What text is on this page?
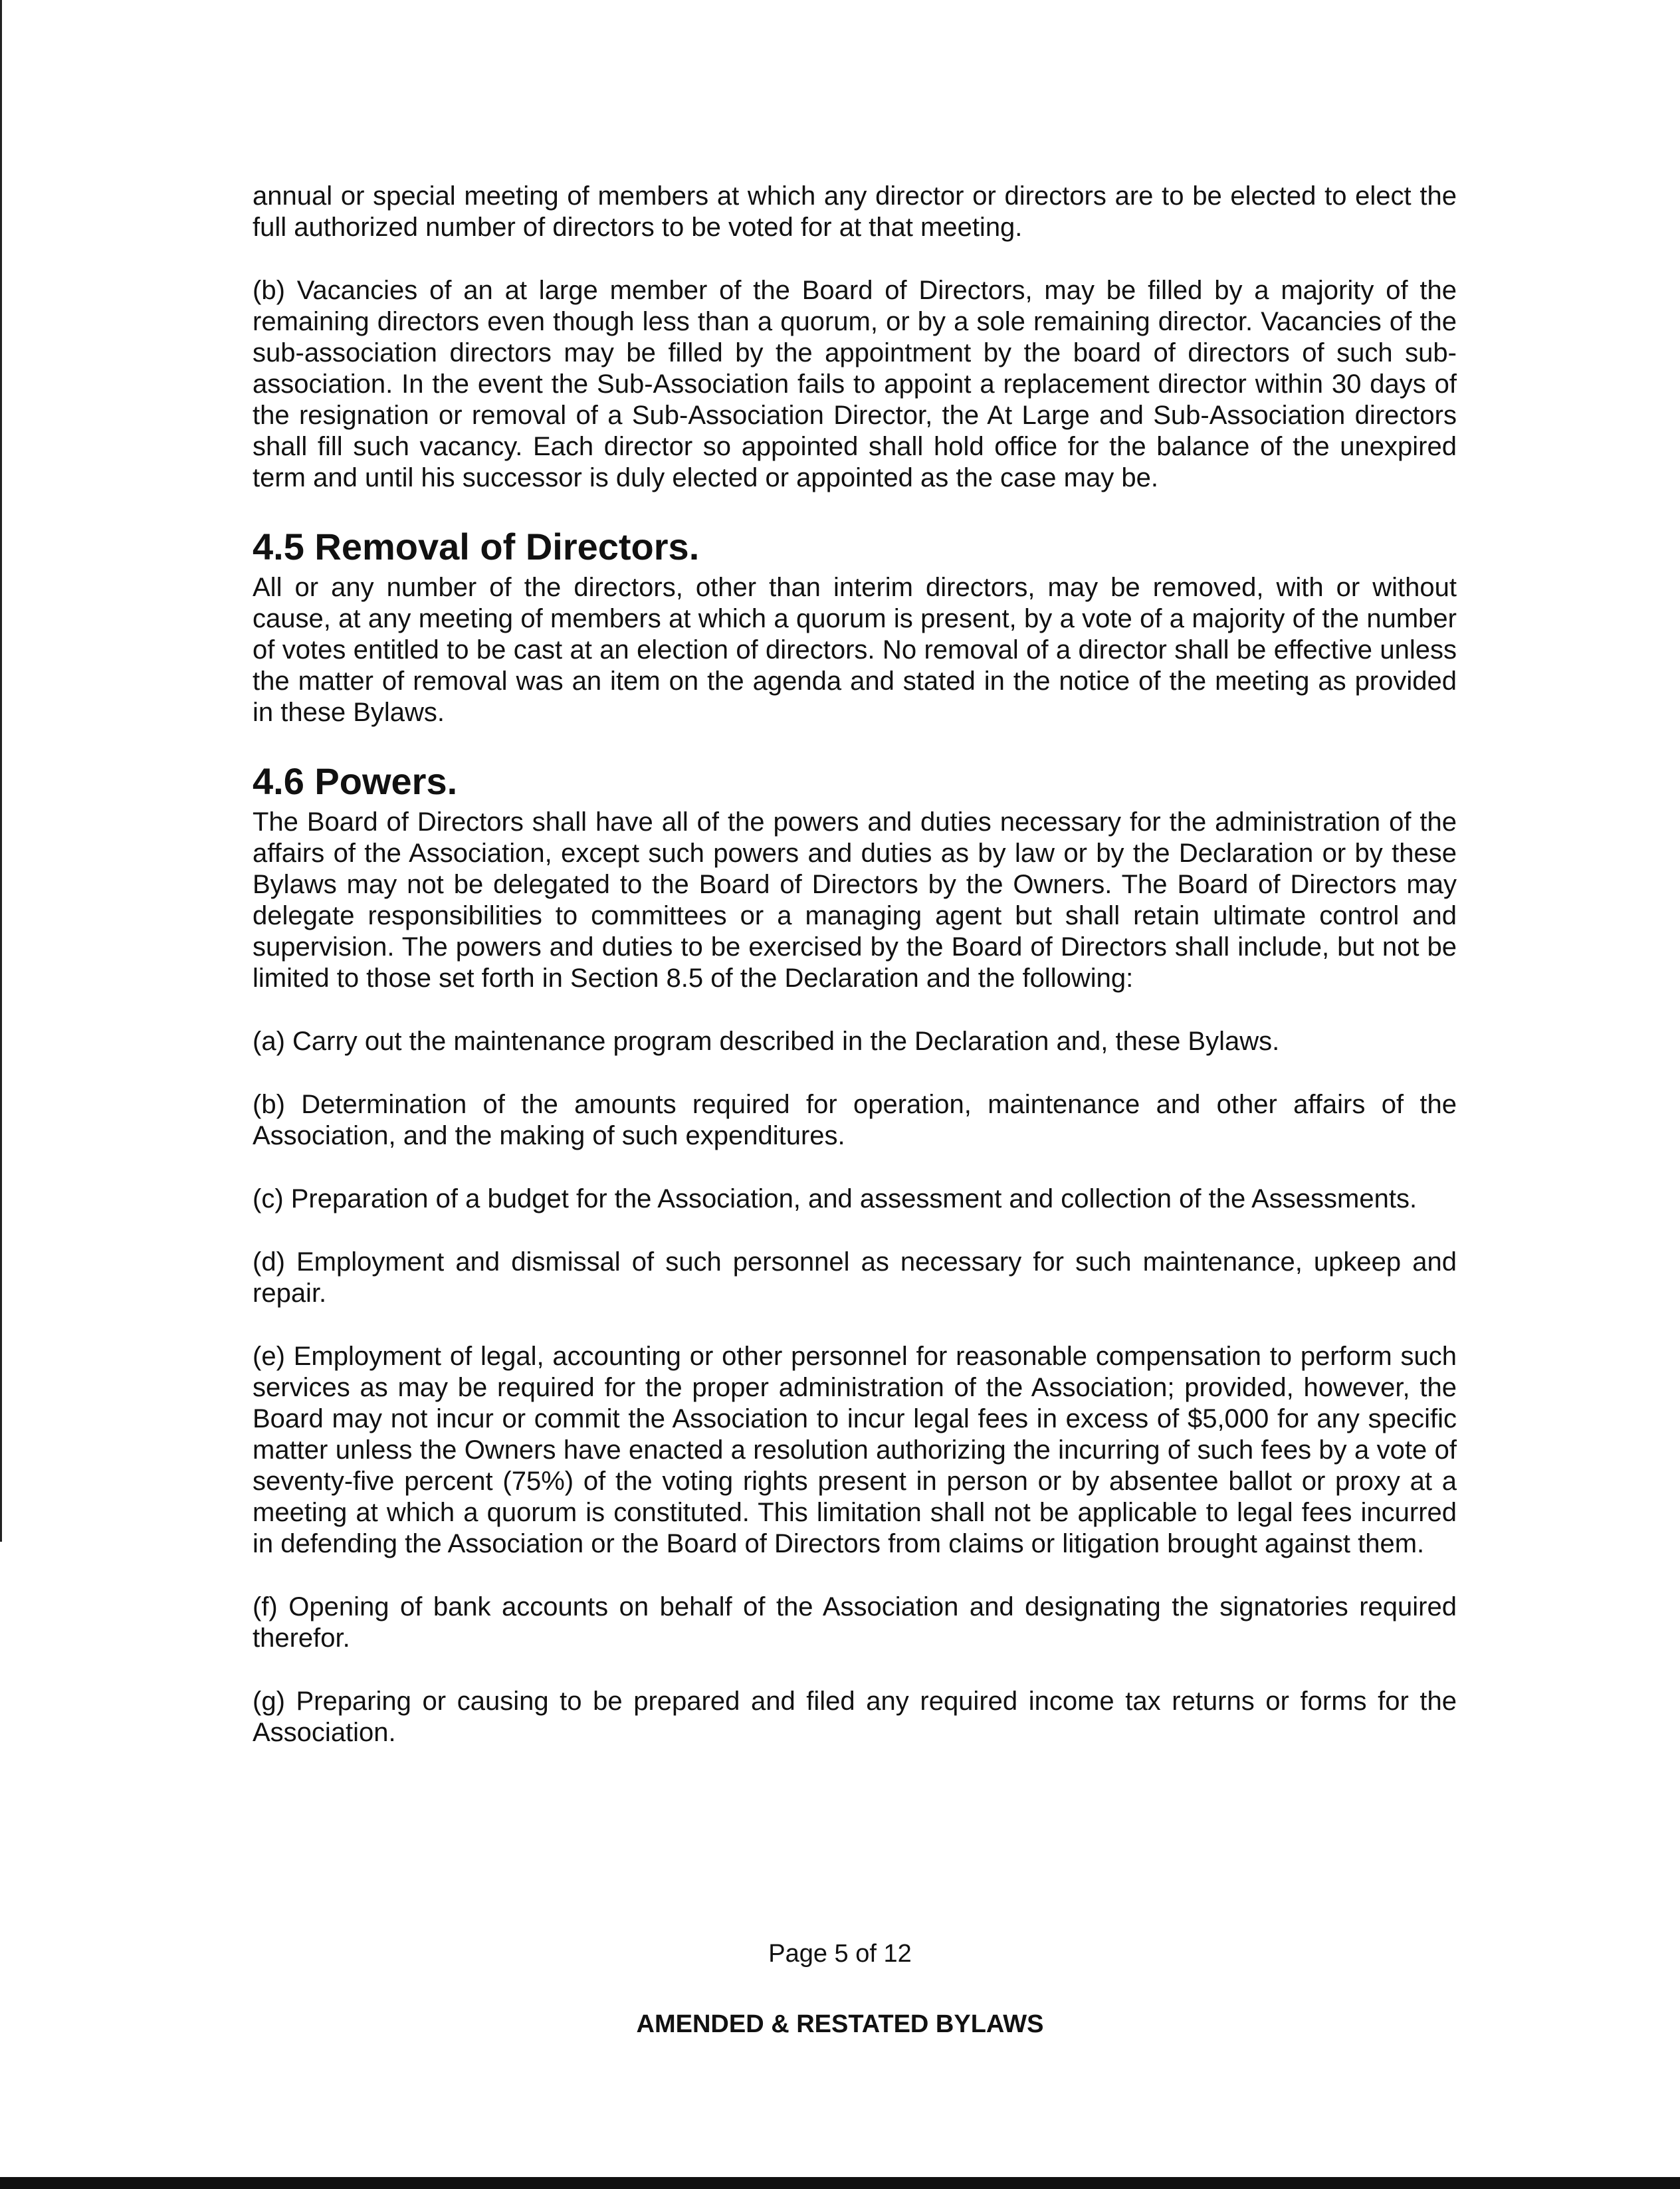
annual or special meeting of members at which any director or directors are to be elected to elect the full authorized number of directors to be voted for at that meeting.

(b) Vacancies of an at large member of the Board of Directors, may be filled by a majority of the remaining directors even though less than a quorum, or by a sole remaining director. Vacancies of the sub-association directors may be filled by the appointment by the board of directors of such sub-association. In the event the Sub-Association fails to appoint a replacement director within 30 days of the resignation or removal of a Sub-Association Director, the At Large and Sub-Association directors shall fill such vacancy. Each director so appointed shall hold office for the balance of the unexpired term and until his successor is duly elected or appointed as the case may be.

4.5 Removal of Directors.

All or any number of the directors, other than interim directors, may be removed, with or without cause, at any meeting of members at which a quorum is present, by a vote of a majority of the number of votes entitled to be cast at an election of directors. No removal of a director shall be effective unless the matter of removal was an item on the agenda and stated in the notice of the meeting as provided in these Bylaws.

4.6 Powers.

The Board of Directors shall have all of the powers and duties necessary for the administration of the affairs of the Association, except such powers and duties as by law or by the Declaration or by these Bylaws may not be delegated to the Board of Directors by the Owners. The Board of Directors may delegate responsibilities to committees or a managing agent but shall retain ultimate control and supervision. The powers and duties to be exercised by the Board of Directors shall include, but not be limited to those set forth in Section 8.5 of the Declaration and the following:

(a) Carry out the maintenance program described in the Declaration and, these Bylaws.

(b) Determination of the amounts required for operation, maintenance and other affairs of the Association, and the making of such expenditures.

(c) Preparation of a budget for the Association, and assessment and collection of the Assessments.

(d) Employment and dismissal of such personnel as necessary for such maintenance, upkeep and repair.

(e) Employment of legal, accounting or other personnel for reasonable compensation to perform such services as may be required for the proper administration of the Association; provided, however, the Board may not incur or commit the Association to incur legal fees in excess of $5,000 for any specific matter unless the Owners have enacted a resolution authorizing the incurring of such fees by a vote of seventy-five percent (75%) of the voting rights present in person or by absentee ballot or proxy at a meeting at which a quorum is constituted. This limitation shall not be applicable to legal fees incurred in defending the Association or the Board of Directors from claims or litigation brought against them.

(f) Opening of bank accounts on behalf of the Association and designating the signatories required therefor.

(g) Preparing or causing to be prepared and filed any required income tax returns or forms for the Association.

Page 5 of 12
AMENDED & RESTATED BYLAWS
